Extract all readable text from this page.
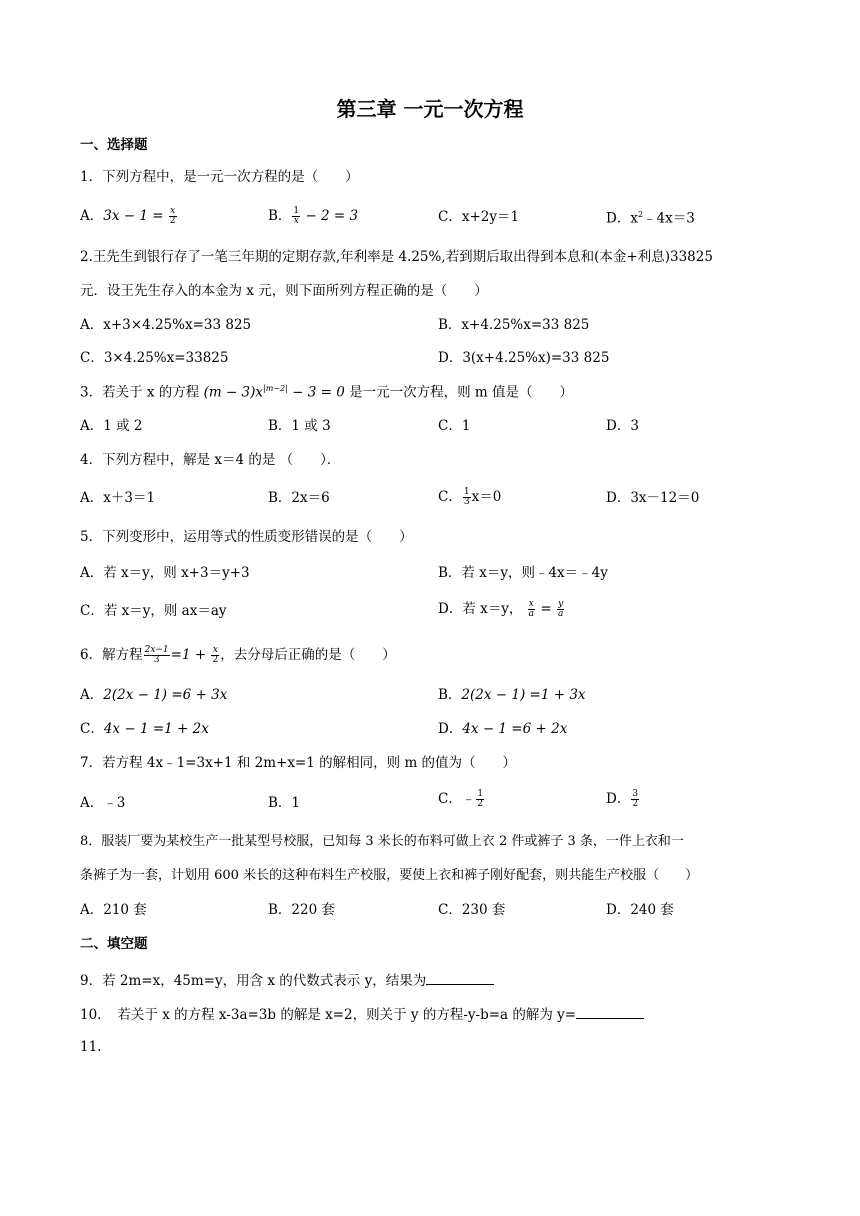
第三章 一元一次方程
一、选择题
1．下列方程中，是一元一次方程的是（　　）
A．$3x - 1 = \frac{x}{2}$	B． $\frac{1}{x} - 2 = 3$	C．x+2y＝1	D．$x^2﹣4x=3$
2.王先生到银行存了一笔三年期的定期存款,年利率是 4.25%,若到期后取出得到本息和(本金+利息)33825
元．设王先生存入的本金为 x 元，则下面所列方程正确的是（　　）
A．x+3×4.25%x=33 825	B．x+4.25%x=33 825
C．3×4.25%x=33825	D．3(x+4.25%x)=33 825
3．若关于 x 的方程 $(m - 3)x^{|m-2|} - 3 = 0$ 是一元一次方程，则 m 值是（　　）
A．1 或 2	B．1 或 3	C．1	D．3
4．下列方程中，解是 x＝4 的是 （　　）．
A．x＋3＝1	B．2x＝6	C． $\frac{1}{3} x=0$	D．3x－12＝0
5．下列变形中，运用等式的性质变形错误的是（　　）
A．若 x＝y，则 x+3＝y+3	B．若 x＝y，则﹣4x＝﹣4y
C．若 x＝y，则 ax＝ay	D．若 x＝y， $\frac{x}{a} = \frac{y}{a}$
6．解方程 $\frac{2x-1}{3} =1 + \frac{x}{2}$ ，去分母后正确的是（　　）
A．2(2x − 1) =6 + 3x	B．2(2x − 1) =1 + 3x
C．4x − 1 =1 + 2x	D．4x − 1 =6 + 2x
7．若方程 4x﹣1=3x+1 和 2m+x=1 的解相同，则 m 的值为（　　）
A．﹣3	B．1	C．﹣ $\frac{1}{2}$	D． $\frac{3}{2}$
8．服装厂要为某校生产一批某型号校服，已知每 3 米长的布料可做上衣 2 件或裤子 3 条，一件上衣和一
条裤子为一套，计划用 600 米长的这种布料生产校服，要使上衣和裤子刚好配套，则共能生产校服（　　）
A．210 套	B．220 套	C．230 套	D．240 套
二、填空题
9．若 2m=x，45m=y，用含 x 的代数式表示 y，结果为
10．　若关于 x 的方程 x-3a=3b 的解是 x=2，则关于 y 的方程-y-b=a 的解为 y=
11.
